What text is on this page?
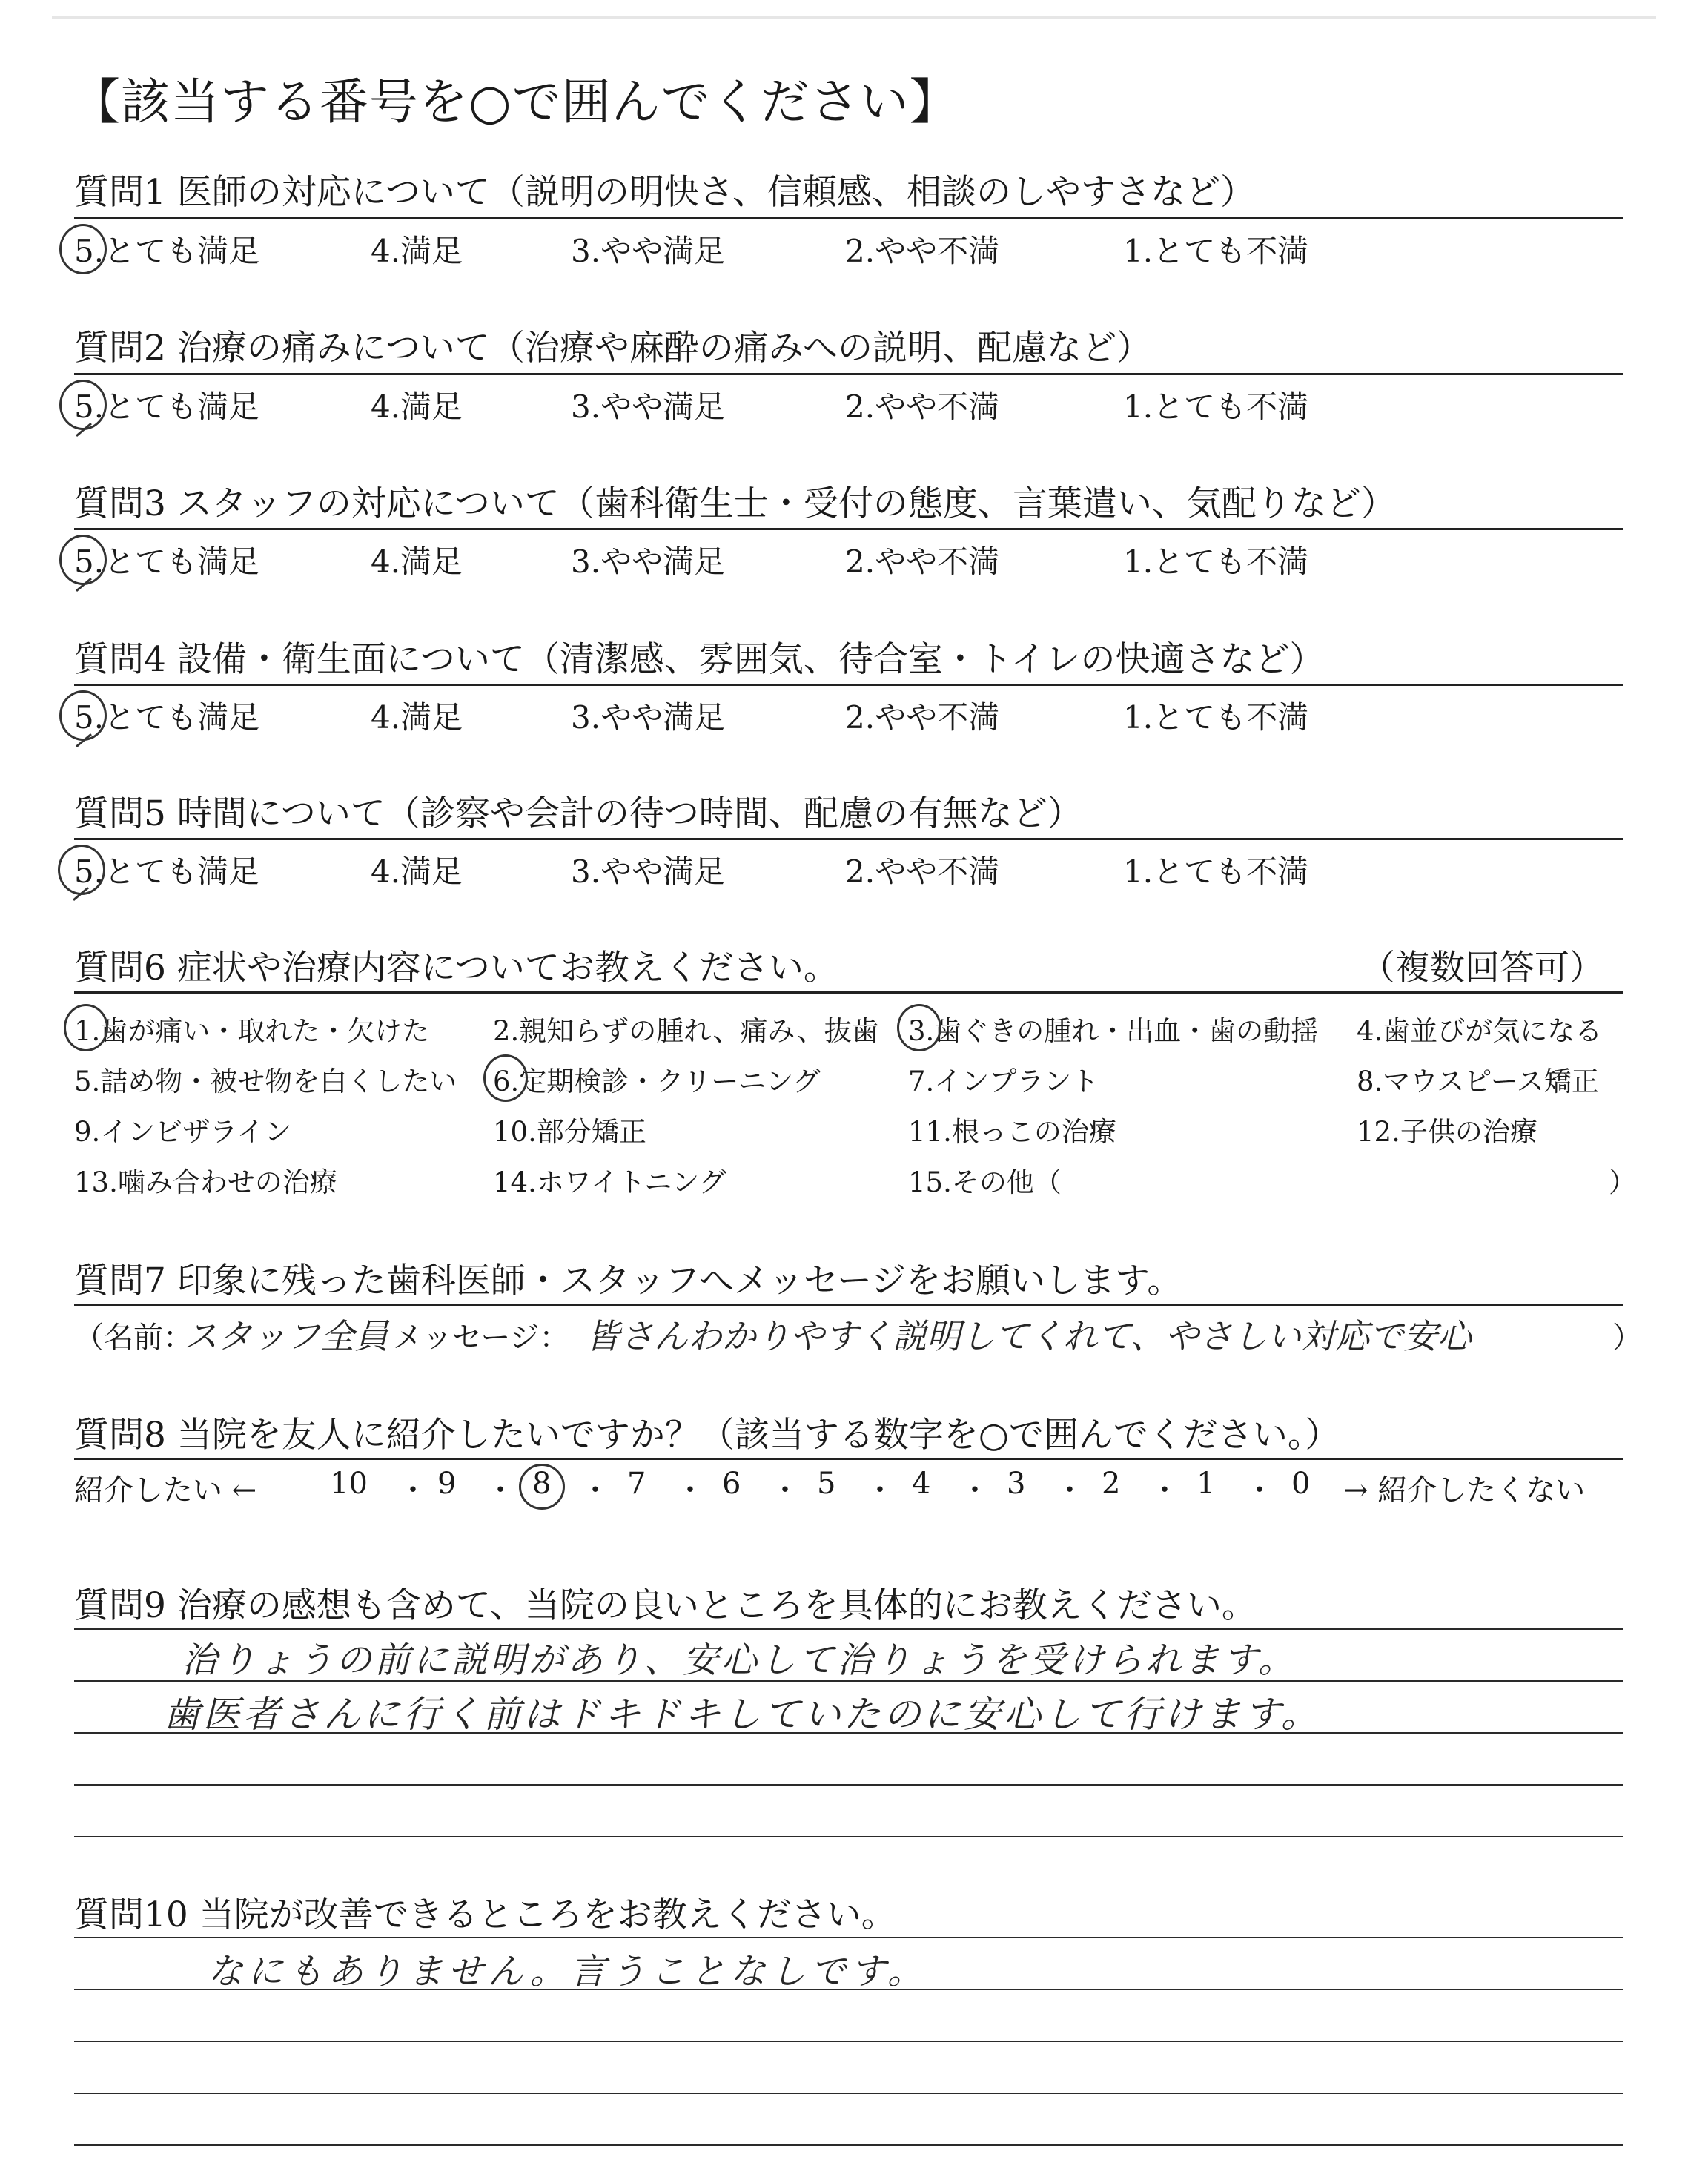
【該当する番号を○で囲んでください】
質問1 医師の対応について（説明の明快さ、信頼感、相談のしやすさなど）
5.とても満足	4.満足	3.やや満足	2.やや不満	1.とても不満
質問2 治療の痛みについて（治療や麻酔の痛みへの説明、配慮など）
5.とても満足	4.満足	3.やや満足	2.やや不満	1.とても不満
質問3 スタッフの対応について（歯科衛生士・受付の態度、言葉遣い、気配りなど）
5.とても満足	4.満足	3.やや満足	2.やや不満	1.とても不満
質問4 設備・衛生面について（清潔感、雰囲気、待合室・トイレの快適さなど）
5.とても満足	4.満足	3.やや満足	2.やや不満	1.とても不満
質問5 時間について（診察や会計の待つ時間、配慮の有無など）
5.とても満足	4.満足	3.やや満足	2.やや不満	1.とても不満
質問6 症状や治療内容についてお教えください。	（複数回答可）
1.歯が痛い・取れた・欠けた 2.親知らずの腫れ、痛み、抜歯 3.歯ぐきの腫れ・出血・歯の動揺 4.歯並びが気になる
5.詰め物・被せ物を白くしたい 6.定期検診・クリーニング	7.インプラント	8.マウスピース矯正
9.インビザライン	10.部分矯正	11.根っこの治療	12.子供の治療
13.噛み合わせの治療	14.ホワイトニング	15.その他（	）
質問7 印象に残った歯科医師・スタッフへメッセージをお願いします。
（名前：
スタッフ全員 メッセージ： 皆さんわかりやすく説明してくれて、やさしい対応で安心	）
質問8 当院を友人に紹介したいですか？（該当する数字を○で囲んでください。）
紹介したい ← 10 ・ 9 ・ 8 ・ 7 ・ 6 ・ 5 ・ 4 ・ 3 ・ 2 ・ 1 ・ 0 → 紹介したくない
質問9 治療の感想も含めて、当院の良いところを具体的にお教えください。
治りょうの前に説明があり、安心して治りょうを受けられます。
歯医者さんに行く前はドキドキしていたのに安心して行けます。
質問10 当院が改善できるところをお教えください。
なにもありません。言うことなしです。
